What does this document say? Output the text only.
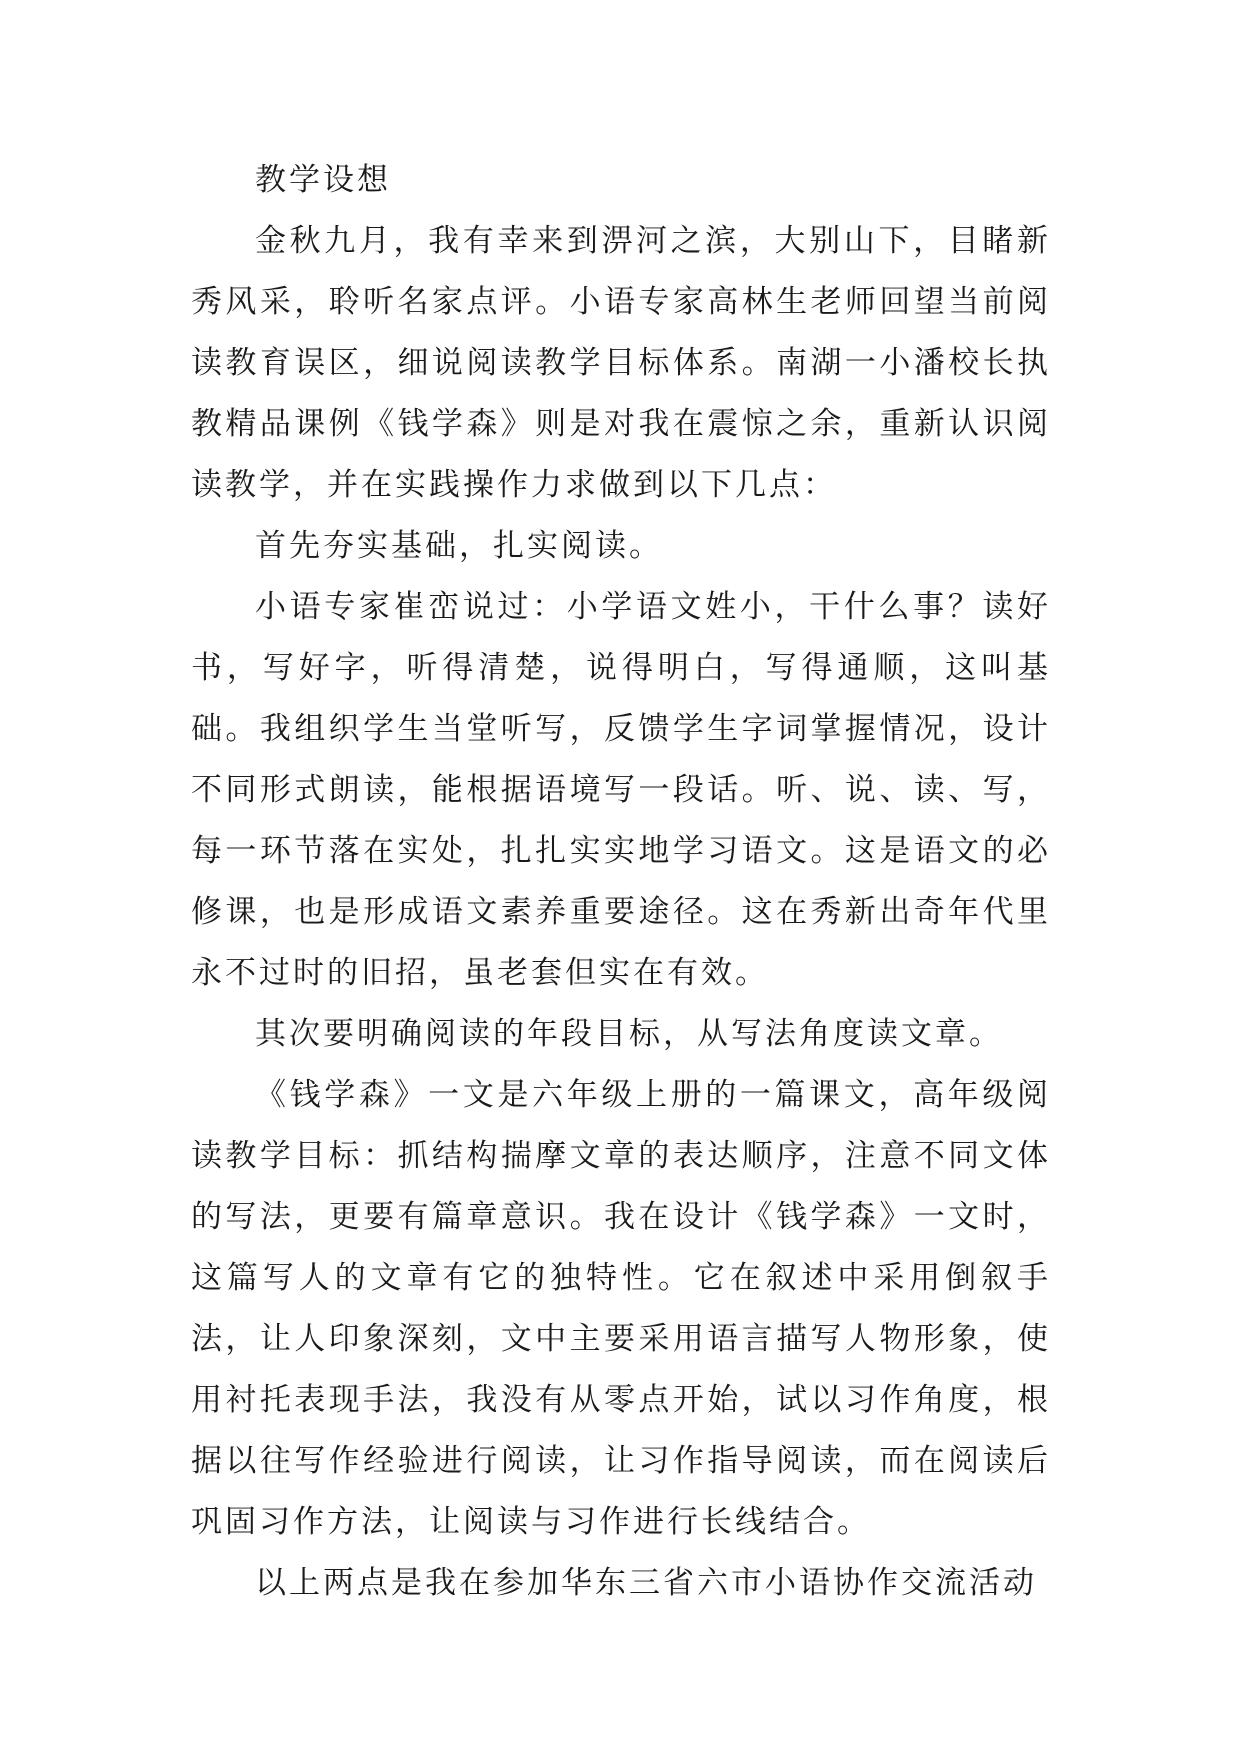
教学设想

金秋九月，我有幸来到淠河之滨，大别山下，目睹新秀风采，聆听名家点评。小语专家高林生老师回望当前阅读教育误区，细说阅读教学目标体系。南湖一小潘校长执教精品课例《钱学森》则是对我在震惊之余，重新认识阅读教学，并在实践操作力求做到以下几点：

首先夯实基础，扎实阅读。

小语专家崔峦说过：小学语文姓小，干什么事？读好书，写好字，听得清楚，说得明白，写得通顺，这叫基础。我组织学生当堂听写，反馈学生字词掌握情况，设计不同形式朗读，能根据语境写一段话。听、说、读、写，每一环节落在实处，扎扎实实地学习语文。这是语文的必修课，也是形成语文素养重要途径。这在秀新出奇年代里永不过时的旧招，虽老套但实在有效。

其次要明确阅读的年段目标，从写法角度读文章。

《钱学森》一文是六年级上册的一篇课文，高年级阅读教学目标：抓结构揣摩文章的表达顺序，注意不同文体的写法，更要有篇章意识。我在设计《钱学森》一文时，这篇写人的文章有它的独特性。它在叙述中采用倒叙手法，让人印象深刻，文中主要采用语言描写人物形象，使用衬托表现手法，我没有从零点开始，试以习作角度，根据以往写作经验进行阅读，让习作指导阅读，而在阅读后巩固习作方法，让阅读与习作进行长线结合。

以上两点是我在参加华东三省六市小语协作交流活动
